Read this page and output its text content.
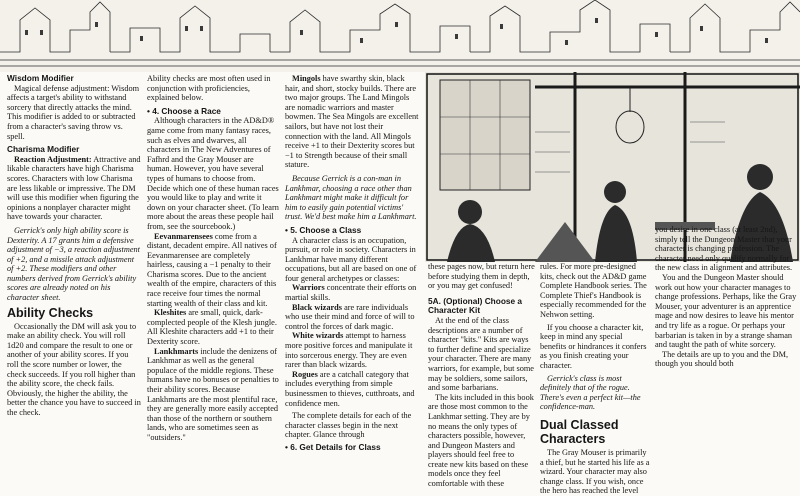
Wisdom Modifier

Magical defense adjustment: Wisdom affects a target's ability to withstand sorcery that directly attacks the mind. This modifier is added to or subtracted from a character's saving throw vs. spell.

Charisma Modifier

Reaction Adjustment: Attractive and likable characters have high Charisma scores. Characters with low Charisma are less likable or impressive. The DM will use this modifier when figuring the opinions a nonplayer character might have towards your character.

Gerrick's only high ability score is Dexterity. A 17 grants him a defensive adjustment of −3, a reaction adjustment of +2, and a missile attack adjustment of +2. These modifiers and other numbers derived from Gerrick's ability scores are already noted on his character sheet.

Ability Checks

Occasionally the DM will ask you to make an ability check. You will roll 1d20 and compare the result to one or another of your ability scores. If you roll the score number or lower, the check succeeds. If you roll higher than the ability score, the check fails. Obviously, the higher the ability, the better the chance you have to succeed in the check.

Ability checks are most often used in conjunction with proficiencies, explained below.

• 4. Choose a Race

Although characters in the AD&D® game come from many fantasy races, such as elves and dwarves, all characters in The New Adventures of Fafhrd and the Gray Mouser are human. However, you have several types of humans to choose from. Decide which one of these human races you would like to play and write it down on your character sheet. (To learn more about the areas these people hail from, see the sourcebook.)

Eevanmarensees come from a distant, decadent empire. All natives of Eevanmarensee are completely hairless, causing a −1 penalty to their Charisma scores. Due to the ancient wealth of the empire, characters of this race receive four times the normal starting wealth of their class and kit.

Kleshites are small, quick, dark-complected people of the Klesh jungle. All Kleshite characters add +1 to their Dexterity score.

Lankhmarts include the denizens of Lankhmar as well as the general populace of the middle regions. These humans have no bonuses or penalties to their ability scores. Because Lankhmarts are the most plentiful race, they are generally more easily accepted than those of the northern or southern lands, who are sometimes seen as "outsiders."

Mingols have swarthy skin, black hair, and short, stocky builds. There are two major groups. The Land Mingols are nomadic warriors and master bowmen. The Sea Mingols are excellent sailors, but have not lost their connection with the land. All Mingols receive +1 to their Dexterity scores but −1 to Strength because of their small stature.

Because Gerrick is a con-man in Lankhmar, choosing a race other than Lankhmart might make it difficult for him to easily gain potential victims' trust. We'd best make him a Lankhmart.

• 5. Choose a Class

A character class is an occupation, pursuit, or role in society. Characters in Lankhmar have many different occupations, but all are based on one of four general archetypes or classes:

Warriors concentrate their efforts on martial skills.

Black wizards are rare individuals who use their mind and force of will to control the forces of dark magic.

White wizards attempt to harness more positive forces and manipulate it into sorcerous energy. They are even rarer than black wizards.

Rogues are a catchall category that includes everything from simple businessmen to thieves, cutthroats, and confidence men.

The complete details for each of the character classes begin in the next chapter. Glance through

• 6. Get Details for Class

these pages now, but return here before studying them in depth, or you may get confused!

5A. (Optional) Choose a Character Kit

At the end of the class descriptions are a number of character "kits." Kits are ways to further define and specialize your character. There are many warriors, for example, but some may be soldiers, some sailors, and some barbarians.

The kits included in this book are those most common to the Lankhmar setting. They are by no means the only types of characters possible, however, and Dungeon Masters and players should feel free to create new kits based on these models once they feel comfortable with these

rules. For more pre-designed kits, check out the AD&D game Complete Handbook series. The Complete Thief's Handbook is especially recommended for the Nehwon setting.

If you choose a character kit, keep in mind any special benefits or hindrances it confers as you finish creating your character.

Gerrick's class is most definitely that of the rogue. There's even a perfect kit—the confidence-man.

Dual Classed Characters

The Gray Mouser is primarily a thief, but he started his life as a wizard. Your character may also change class. If you wish, once the hero has reached the level

you desire in one class (at least 2nd), simply tell the Dungeon Master that your character is changing profession. The character need only qualify normally for the new class in alignment and attributes.

You and the Dungeon Master should work out how your character manages to change professions. Perhaps, like the Gray Mouser, your adventurer is an apprentice mage and now desires to leave his mentor and try life as a rogue. Or perhaps your barbarian is taken in by a strange shaman and taught the path of white sorcery.

The details are up to you and the DM, though you should both
